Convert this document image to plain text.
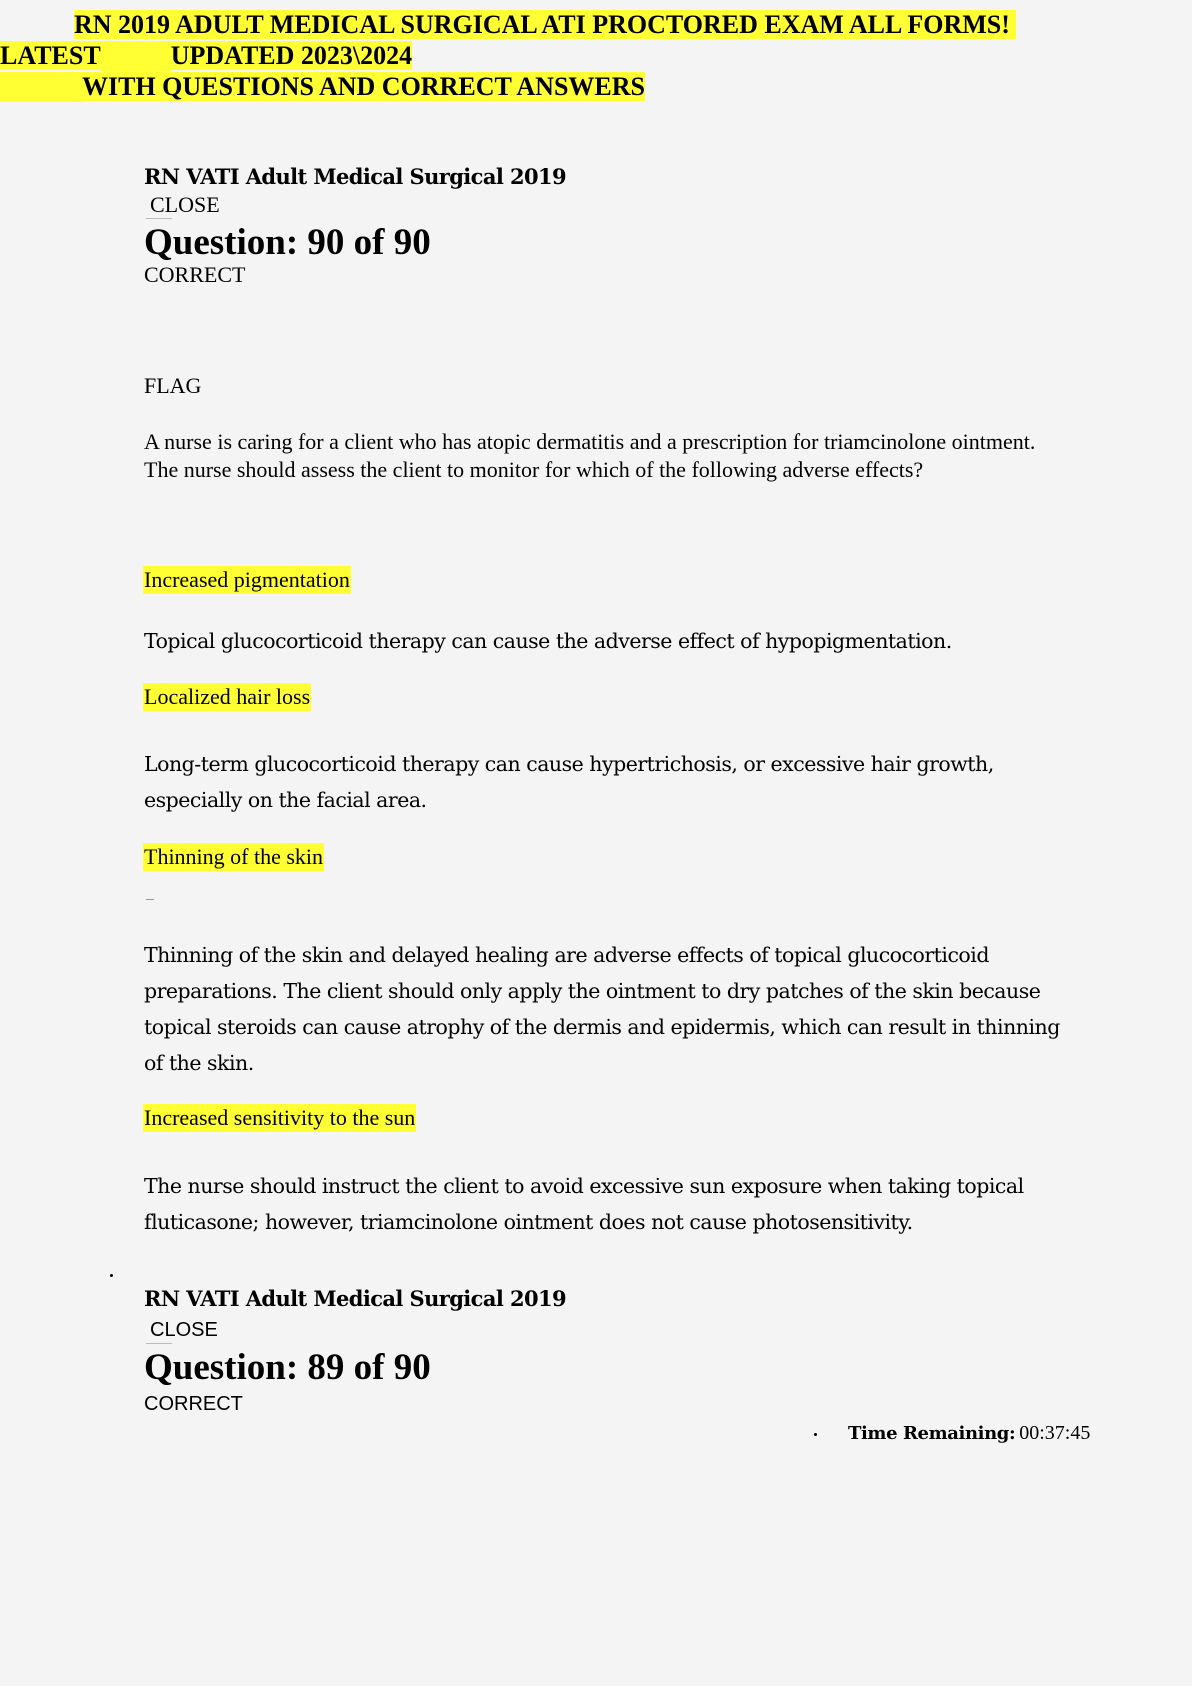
RN 2019 ADULT MEDICAL SURGICAL ATI PROCTORED EXAM ALL FORMS!
LATEST	UPDATED 2023\2024
WITH QUESTIONS AND CORRECT ANSWERS
RN VATI Adult Medical Surgical 2019
CLOSE
Question: 90 of 90
CORRECT
FLAG
A nurse is caring for a client who has atopic dermatitis and a prescription for triamcinolone ointment. The nurse should assess the client to monitor for which of the following adverse effects?
Increased pigmentation
Topical glucocorticoid therapy can cause the adverse effect of hypopigmentation.
Localized hair loss
Long-term glucocorticoid therapy can cause hypertrichosis, or excessive hair growth, especially on the facial area.
Thinning of the skin
Thinning of the skin and delayed healing are adverse effects of topical glucocorticoid preparations. The client should only apply the ointment to dry patches of the skin because topical steroids can cause atrophy of the dermis and epidermis, which can result in thinning of the skin.
Increased sensitivity to the sun
The nurse should instruct the client to avoid excessive sun exposure when taking topical fluticasone; however, triamcinolone ointment does not cause photosensitivity.
RN VATI Adult Medical Surgical 2019
CLOSE
Question: 89 of 90
CORRECT
Time Remaining: 00:37:45
